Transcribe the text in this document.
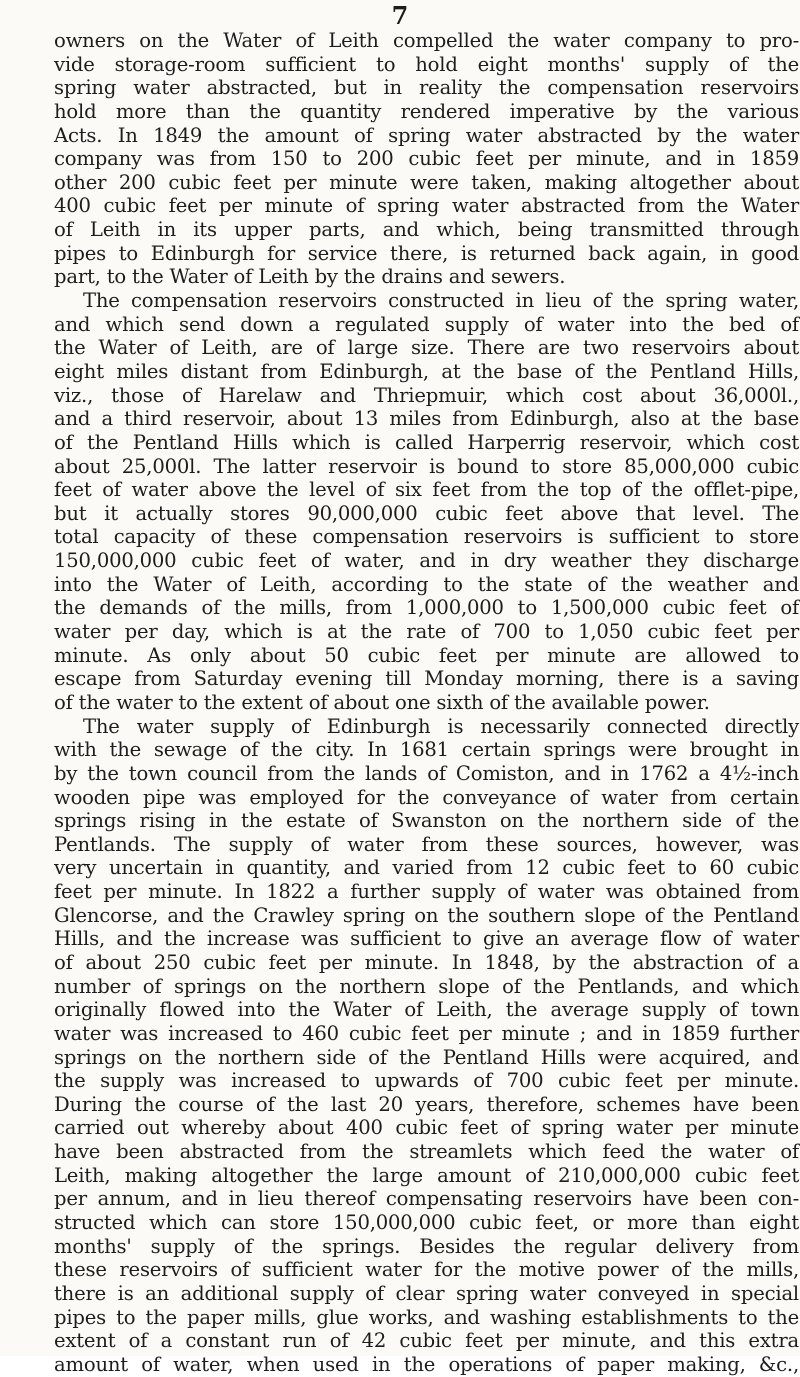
7
owners on the Water of Leith compelled the water company to pro-
vide storage-room sufficient to hold eight months' supply of the
spring water abstracted, but in reality the compensation reservoirs
hold more than the quantity rendered imperative by the various
Acts. In 1849 the amount of spring water abstracted by the water
company was from 150 to 200 cubic feet per minute, and in 1859
other 200 cubic feet per minute were taken, making altogether about
400 cubic feet per minute of spring water abstracted from the Water
of Leith in its upper parts, and which, being transmitted through
pipes to Edinburgh for service there, is returned back again, in good
part, to the Water of Leith by the drains and sewers.
The compensation reservoirs constructed in lieu of the spring water,
and which send down a regulated supply of water into the bed of
the Water of Leith, are of large size. There are two reservoirs about
eight miles distant from Edinburgh, at the base of the Pentland Hills,
viz., those of Harelaw and Thriepmuir, which cost about 36,000l.,
and a third reservoir, about 13 miles from Edinburgh, also at the base
of the Pentland Hills which is called Harperrig reservoir, which cost
about 25,000l. The latter reservoir is bound to store 85,000,000 cubic
feet of water above the level of six feet from the top of the offlet-pipe,
but it actually stores 90,000,000 cubic feet above that level. The
total capacity of these compensation reservoirs is sufficient to store
150,000,000 cubic feet of water, and in dry weather they discharge
into the Water of Leith, according to the state of the weather and
the demands of the mills, from 1,000,000 to 1,500,000 cubic feet of
water per day, which is at the rate of 700 to 1,050 cubic feet per
minute. As only about 50 cubic feet per minute are allowed to
escape from Saturday evening till Monday morning, there is a saving
of the water to the extent of about one sixth of the available power.
The water supply of Edinburgh is necessarily connected directly
with the sewage of the city. In 1681 certain springs were brought in
by the town council from the lands of Comiston, and in 1762 a 4½-inch
wooden pipe was employed for the conveyance of water from certain
springs rising in the estate of Swanston on the northern side of the
Pentlands. The supply of water from these sources, however, was
very uncertain in quantity, and varied from 12 cubic feet to 60 cubic
feet per minute. In 1822 a further supply of water was obtained from
Glencorse, and the Crawley spring on the southern slope of the Pentland
Hills, and the increase was sufficient to give an average flow of water
of about 250 cubic feet per minute. In 1848, by the abstraction of a
number of springs on the northern slope of the Pentlands, and which
originally flowed into the Water of Leith, the average supply of town
water was increased to 460 cubic feet per minute ; and in 1859 further
springs on the northern side of the Pentland Hills were acquired, and
the supply was increased to upwards of 700 cubic feet per minute.
During the course of the last 20 years, therefore, schemes have been
carried out whereby about 400 cubic feet of spring water per minute
have been abstracted from the streamlets which feed the water of
Leith, making altogether the large amount of 210,000,000 cubic feet
per annum, and in lieu thereof compensating reservoirs have been con-
structed which can store 150,000,000 cubic feet, or more than eight
months' supply of the springs. Besides the regular delivery from
these reservoirs of sufficient water for the motive power of the mills,
there is an additional supply of clear spring water conveyed in special
pipes to the paper mills, glue works, and washing establishments to the
extent of a constant run of 42 cubic feet per minute, and this extra
amount of water, when used in the operations of paper making, &c.,
